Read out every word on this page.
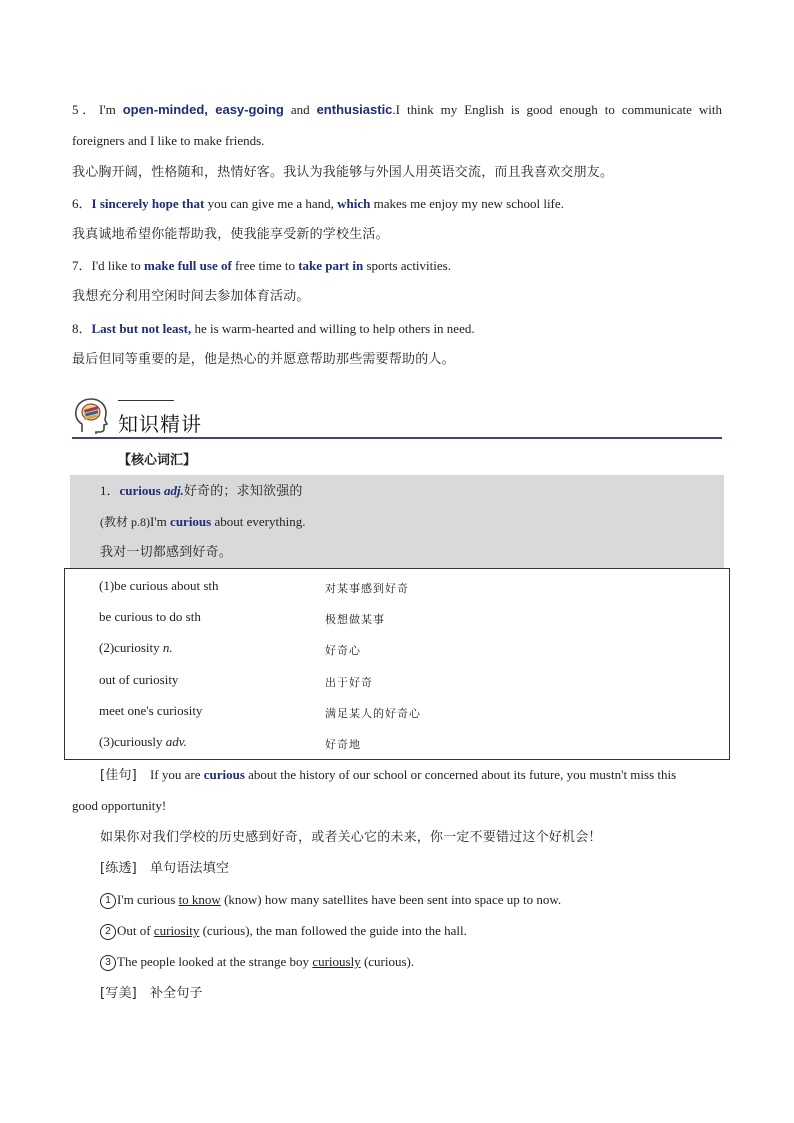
5．I'm open-minded, easy-going and enthusiastic.I think my English is good enough to communicate with
foreigners and I like to make friends.
我心胸开阔，性格随和，热情好客。我认为我能够与外国人用英语交流，而且我喜欢交朋友。
6．I sincerely hope that you can give me a hand, which makes me enjoy my new school life.
我真诚地希望你能帮助我，使我能享受新的学校生活。
7．I'd like to make full use of free time to take part in sports activities.
我想充分利用空闲时间去参加体育活动。
8．Last but not least, he is warm-hearted and willing to help others in need.
最后但同等重要的是，他是热心的并愿意帮助那些需要帮助的人。
知识精讲
【核心词汇】
1．curious adj.好奇的；求知欲强的
(教材 p.8)I'm curious about everything.
我对一切都感到好奇。
(1)be curious about sth	对某事感到好奇
be curious to do sth	极想做某事
(2)curiosity n.	好奇心
out of curiosity	出于好奇
meet one's curiosity	满足某人的好奇心
(3)curiously adv.	好奇地
[佳句] If you are curious about the history of our school or concerned about its future, you mustn't miss this
good opportunity!
如果你对我们学校的历史感到好奇，或者关心它的未来，你一定不要错过这个好机会！
[练透] 单句语法填空
1 I'm curious to know (know) how many satellites have been sent into space up to now.
2 Out of curiosity (curious), the man followed the guide into the hall.
3 The people looked at the strange boy curiously (curious).
[写美] 补全句子
